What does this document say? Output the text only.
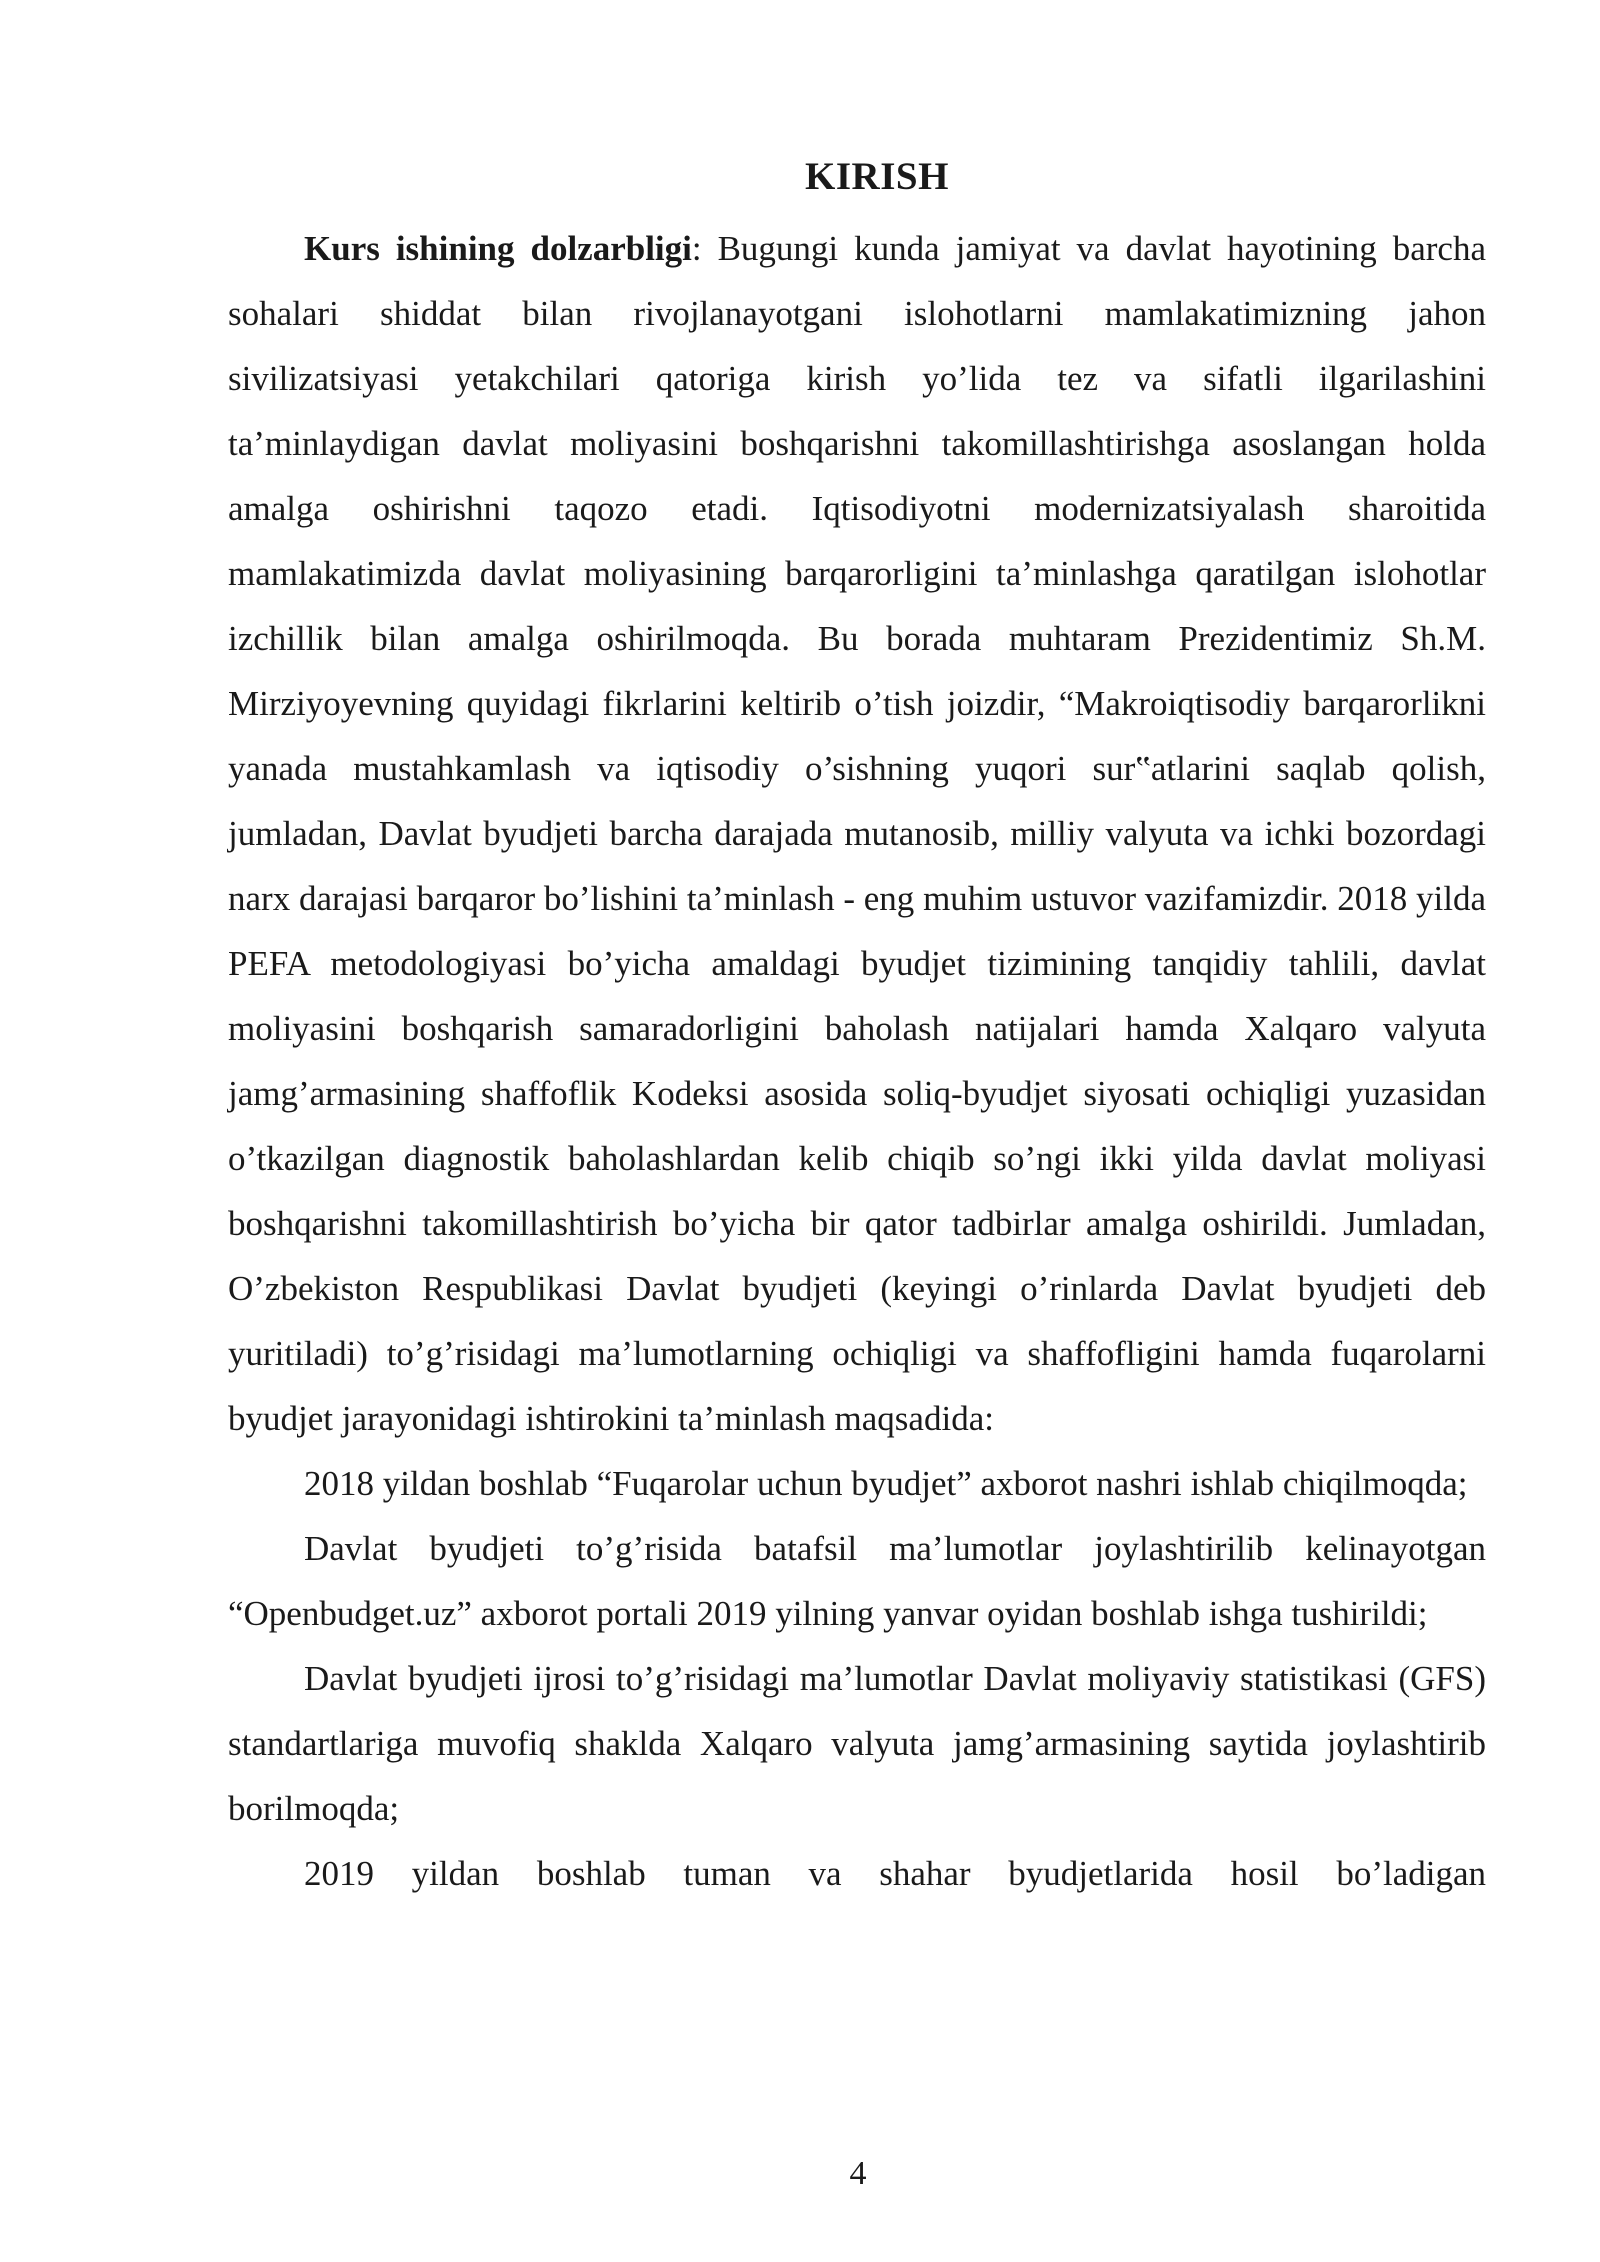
KIRISH

Kurs ishining dolzarbligi: Bugungi kunda jamiyat va davlat hayotining barcha sohalari shiddat bilan rivojlanayotgani islohotlarni mamlakatimizning jahon sivilizatsiyasi yetakchilari qatoriga kirish yo’lida tez va sifatli ilgarilashini ta’minlaydigan davlat moliyasini boshqarishni takomillashtirishga asoslangan holda amalga oshirishni taqozo etadi. Iqtisodiyotni modernizatsiyalash sharoitida mamlakatimizda davlat moliyasining barqarorligini ta’minlashga qaratilgan islohotlar izchillik bilan amalga oshirilmoqda. Bu borada muhtaram Prezidentimiz Sh.M. Mirziyoyevning quyidagi fikrlarini keltirib o’tish joizdir, “Makroiqtisodiy barqarorlikni yanada mustahkamlash va iqtisodiy o’sishning yuqori sur‟atlarini saqlab qolish, jumladan, Davlat byudjeti barcha darajada mutanosib, milliy valyuta va ichki bozordagi narx darajasi barqaror bo’lishini ta’minlash - eng muhim ustuvor vazifamizdir. 2018 yilda PEFA metodologiyasi bo’yicha amaldagi byudjet tizimining tanqidiy tahlili, davlat moliyasini boshqarish samaradorligini baholash natijalari hamda Xalqaro valyuta jamg’armasining shaffoflik Kodeksi asosida soliq-byudjet siyosati ochiqligi yuzasidan o’tkazilgan diagnostik baholashlardan kelib chiqib so’ngi ikki yilda davlat moliyasi boshqarishni takomillashtirish bo’yicha bir qator tadbirlar amalga oshirildi. Jumladan, O’zbekiston Respublikasi Davlat byudjeti (keyingi o’rinlarda Davlat byudjeti deb yuritiladi) to’g’risidagi ma’lumotlarning ochiqligi va shaffofligini hamda fuqarolarni byudjet jarayonidagi ishtirokini ta’minlash maqsadida:

2018 yildan boshlab “Fuqarolar uchun byudjet” axborot nashri ishlab chiqilmoqda;

Davlat byudjeti to’g’risida batafsil ma’lumotlar joylashtirilib kelinayotgan “Openbudget.uz” axborot portali 2019 yilning yanvar oyidan boshlab ishga tushirildi;

Davlat byudjeti ijrosi to’g’risidagi ma’lumotlar Davlat moliyaviy statistikasi (GFS) standartlariga muvofiq shaklda Xalqaro valyuta jamg’armasining saytida joylashtirib borilmoqda;

2019 yildan boshlab tuman va shahar byudjetlarida hosil bo’ladigan

4
